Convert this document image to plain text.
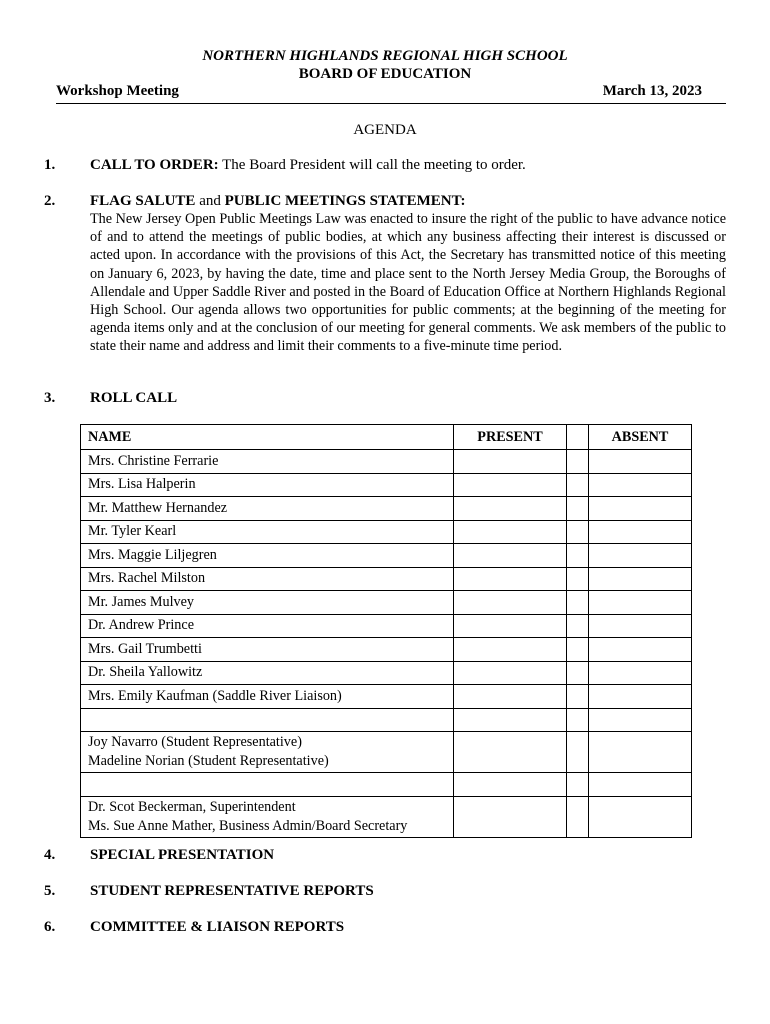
NORTHERN HIGHLANDS REGIONAL HIGH SCHOOL
BOARD OF EDUCATION
Workshop Meeting	March 13, 2023
AGENDA
1. CALL TO ORDER: The Board President will call the meeting to order.
2. FLAG SALUTE and PUBLIC MEETINGS STATEMENT:
The New Jersey Open Public Meetings Law was enacted to insure the right of the public to have advance notice of and to attend the meetings of public bodies, at which any business affecting their interest is discussed or acted upon. In accordance with the provisions of this Act, the Secretary has transmitted notice of this meeting on January 6, 2023, by having the date, time and place sent to the North Jersey Media Group, the Boroughs of Allendale and Upper Saddle River and posted in the Board of Education Office at Northern Highlands Regional High School. Our agenda allows two opportunities for public comments; at the beginning of the meeting for agenda items only and at the conclusion of our meeting for general comments. We ask members of the public to state their name and address and limit their comments to a five-minute time period.
3. ROLL CALL
NAME	PRESENT		ABSENT
Mrs. Christine Ferrarie			
Mrs. Lisa Halperin			
Mr. Matthew Hernandez			
Mr. Tyler Kearl			
Mrs. Maggie Liljegren			
Mrs. Rachel Milston			
Mr. James Mulvey			
Dr. Andrew Prince			
Mrs. Gail Trumbetti			
Dr. Sheila Yallowitz			
Mrs. Emily Kaufman (Saddle River Liaison)			

Joy Navarro (Student Representative)
Madeline Norian (Student Representative)			

Dr. Scot Beckerman, Superintendent
Ms. Sue Anne Mather, Business Admin/Board Secretary			

4. SPECIAL PRESENTATION
5. STUDENT REPRESENTATIVE REPORTS
6. COMMITTEE & LIAISON REPORTS
